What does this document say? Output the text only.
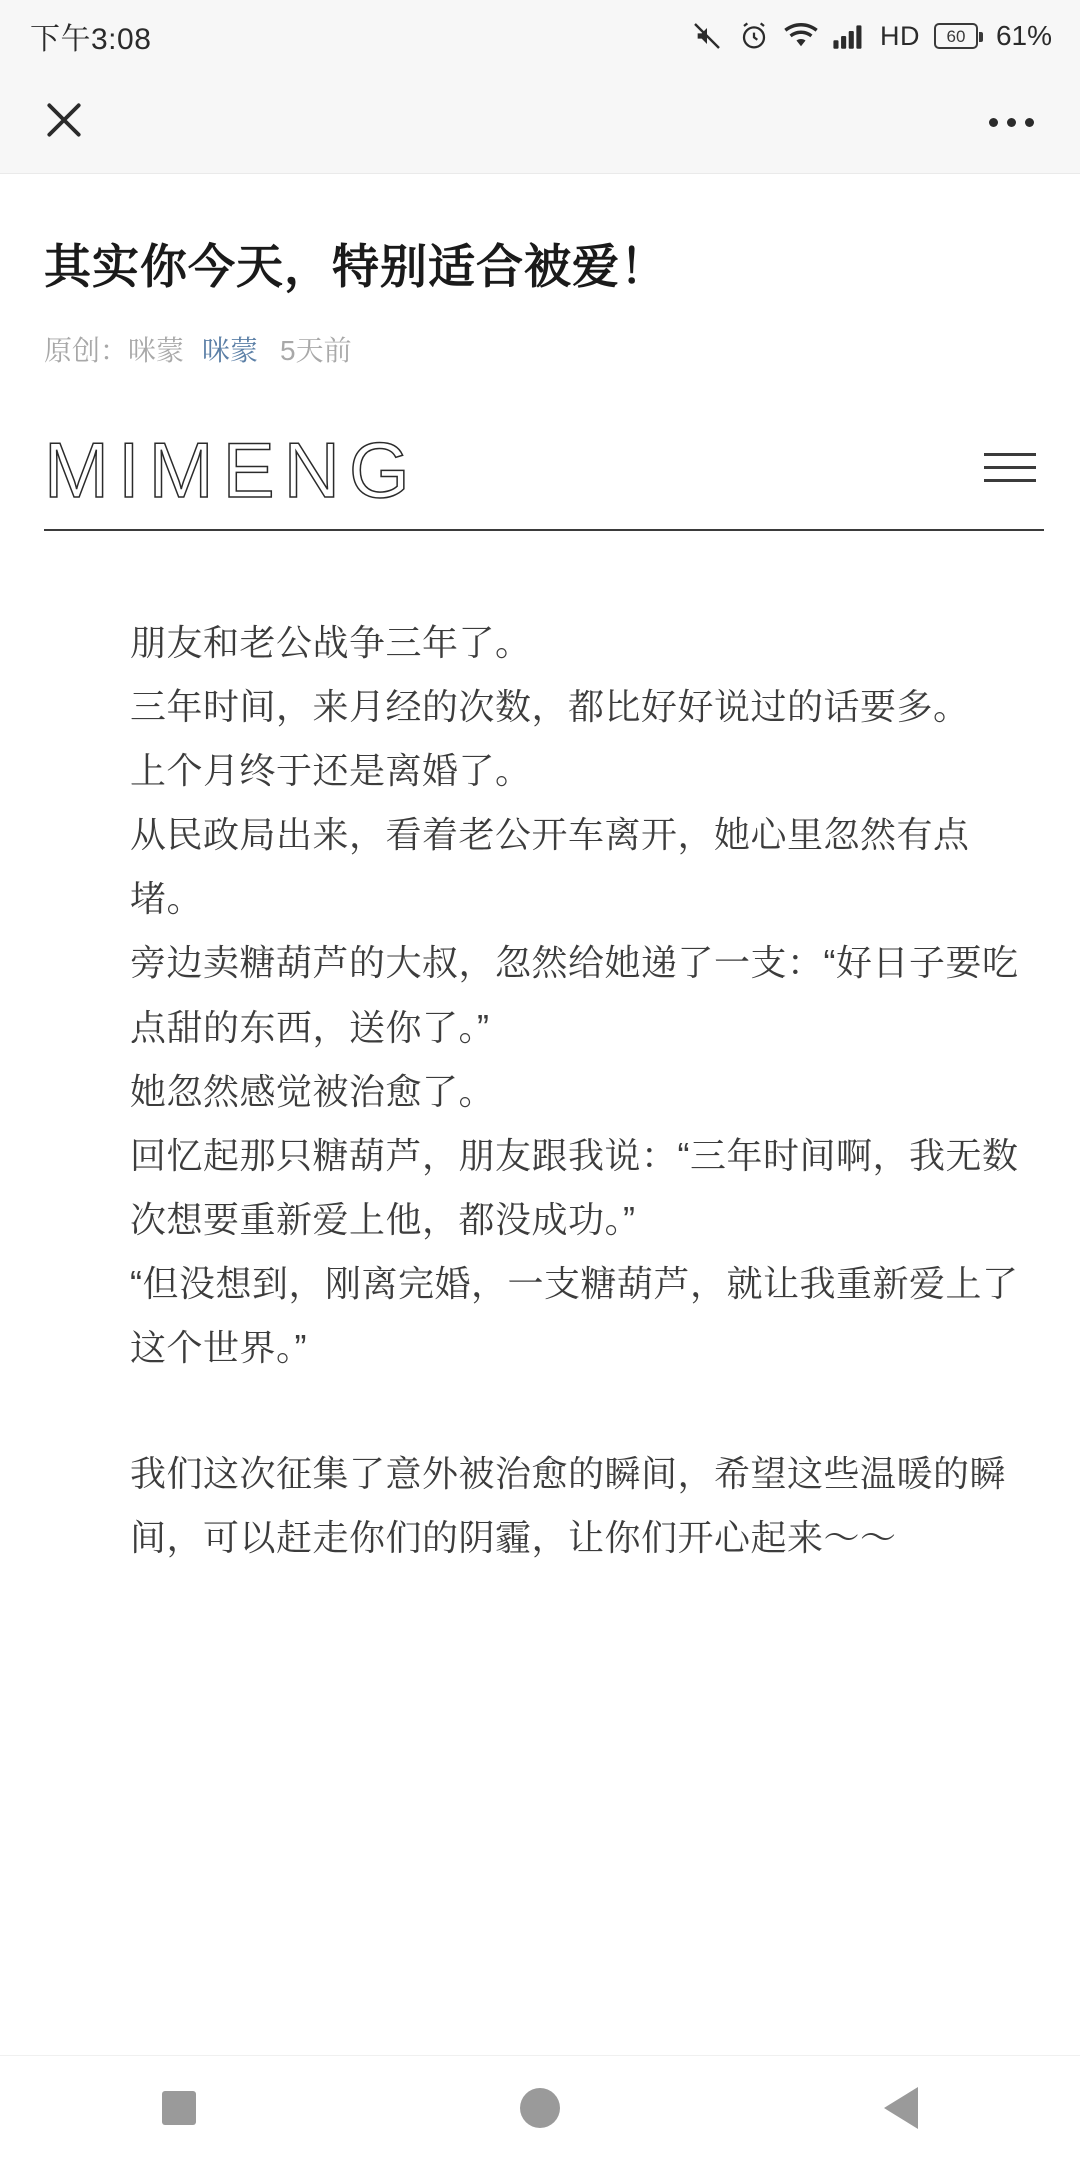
下午3:08	HD 60 61%
其实你今天，特别适合被爱！
原创：咪蒙 咪蒙 5天前
MIMENG

朋友和老公战争三年了。

三年时间，来月经的次数，都比好好说过的话要多。

上个月终于还是离婚了。

从民政局出来，看着老公开车离开，她心里忽然有点堵。

旁边卖糖葫芦的大叔，忽然给她递了一支：“好日子要吃点甜的东西，送你了。”

她忽然感觉被治愈了。

回忆起那只糖葫芦，朋友跟我说：“三年时间啊，我无数次想要重新爱上他，都没成功。”

“但没想到，刚离完婚，一支糖葫芦，就让我重新爱上了这个世界。”

我们这次征集了意外被治愈的瞬间，希望这些温暖的瞬间，可以赶走你们的阴霾，让你们开心起来～～
